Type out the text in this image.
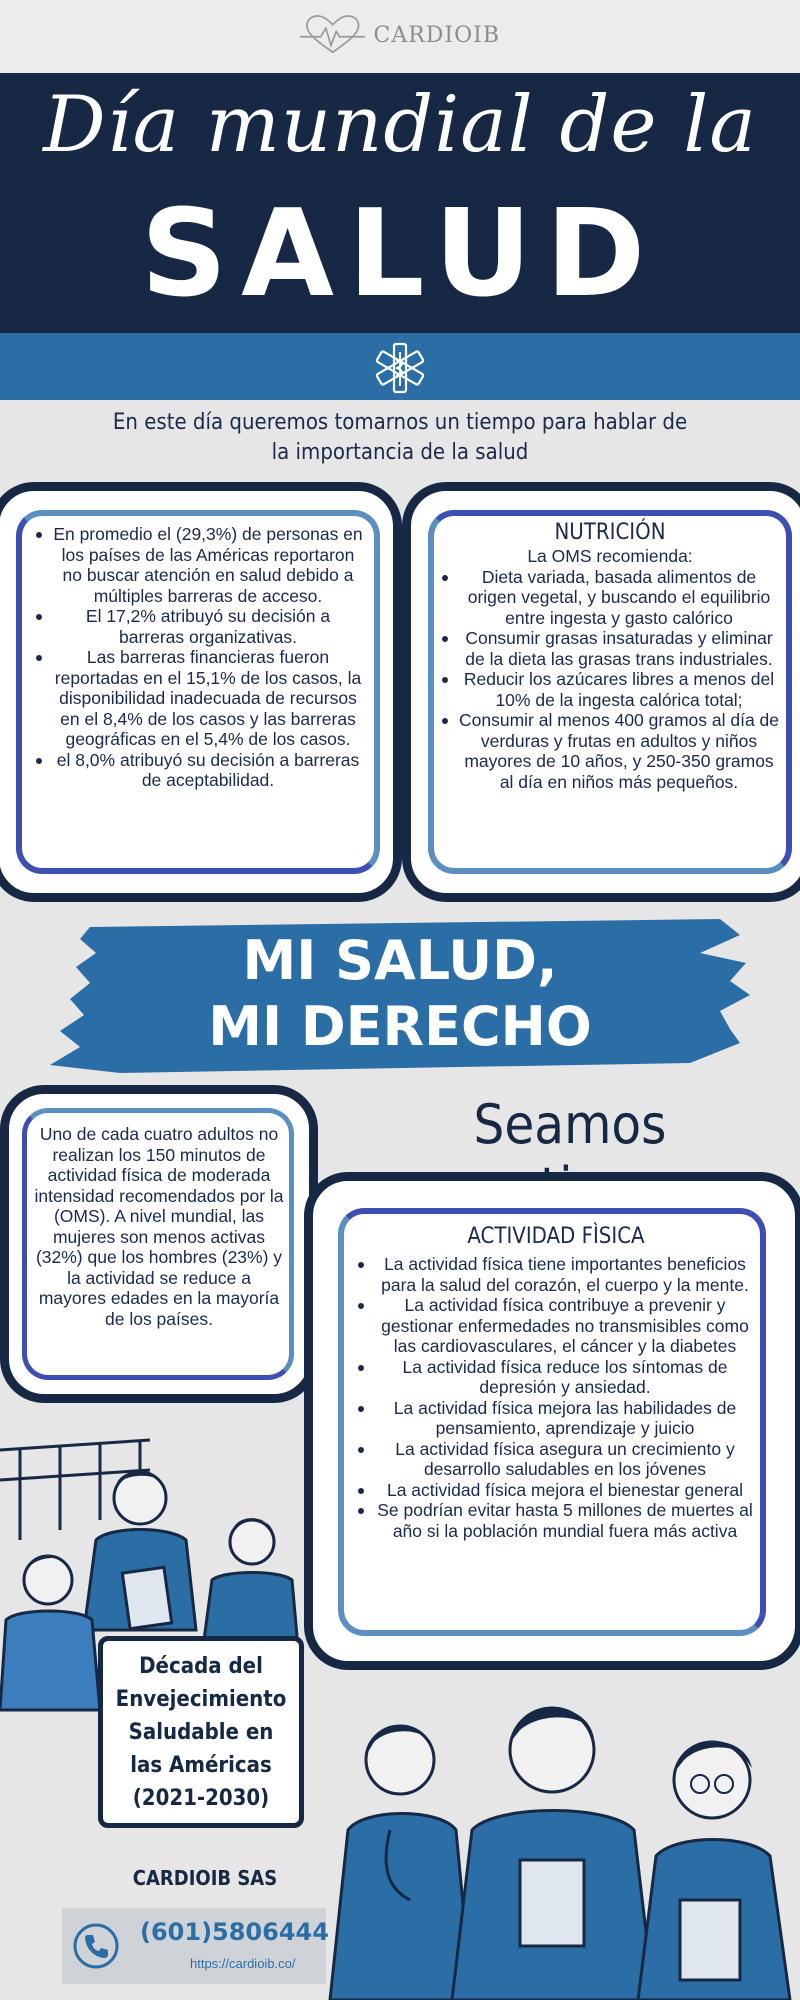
CARDIOIB
Día mundial de la
SALUD
En este día queremos tomarnos un tiempo para hablar de la importancia de la salud
En promedio el (29,3%) de personas en los países de las Américas reportaron no buscar atención en salud debido a múltiples barreras de acceso.
El 17,2% atribuyó su decisión a barreras organizativas.
Las barreras financieras fueron reportadas en el 15,1% de los casos, la disponibilidad inadecuada de recursos en el 8,4% de los casos y las barreras geográficas en el 5,4% de los casos.
el 8,0% atribuyó su decisión a barreras de aceptabilidad.
NUTRICIÓN
La OMS recomienda:
Dieta variada, basada alimentos de origen vegetal, y buscando el equilibrio entre ingesta y gasto calórico
Consumir grasas insaturadas y eliminar de la dieta las grasas trans industriales.
Reducir los azúcares libres a menos del 10% de la ingesta calórica total;
Consumir al menos 400 gramos al día de verduras y frutas en adultos y niños mayores de 10 años, y 250-350 gramos al día en niños más pequeños.
MI SALUD,
MI DERECHO
Uno de cada cuatro adultos no realizan los 150 minutos de actividad física de moderada intensidad recomendados por la (OMS). A nivel mundial, las mujeres son menos activas (32%) que los hombres (23%) y la actividad se reduce a mayores edades en la mayoría de los países.
Seamos
ACTIVIDAD FÌSICA
La actividad física tiene importantes beneficios para la salud del corazón, el cuerpo y la mente.
La actividad física contribuye a prevenir y gestionar enfermedades no transmisibles como las cardiovasculares, el cáncer y la diabetes
La actividad física reduce los síntomas de depresión y ansiedad.
La actividad física mejora las habilidades de pensamiento, aprendizaje y juicio
La actividad física asegura un crecimiento y desarrollo saludables en los jóvenes
La actividad física mejora el bienestar general
Se podrían evitar hasta 5 millones de muertes al año si la población mundial fuera más activa
Década del Envejecimiento Saludable en las Américas (2021-2030)
CARDIOIB SAS
(601)5806444
https://cardioib.co/
